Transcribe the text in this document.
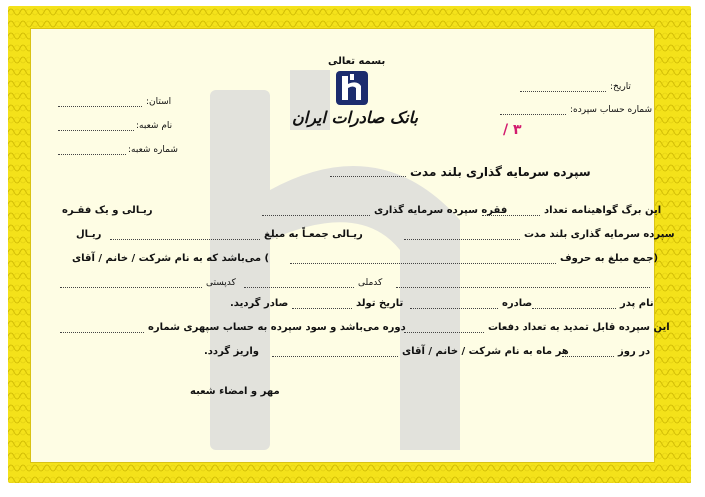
بسمه تعالی
بانک صادرات ایران
۳ /
استان:
نام شعبه:
شماره شعبه:
تاریخ:
شماره حساب سپرده:
سپرده سرمایه گذاری بلند مدت
این برگ گواهینامه تعداد
فقره سپرده سرمایه گذاری
ریـالی و یک فقـره
سپرده سرمایه گذاری بلند مدت
ریـالی جمعـاً به مبلغ
ریـال
(جمع مبلغ به حروف
) می‌باشد که به نام شرکت / خانم / آقای
کدملی
کدپستی
نام پدر
صادره
تاریخ تولد
صادر گردید.
این سپرده قابل تمدید به تعداد دفعات
دوره می‌باشد و سود سپرده به حساب سپهری شماره
در روز
هر ماه به نام شرکت / خانم / آقای
واریز گردد.
مهر و امضاء شعبه
